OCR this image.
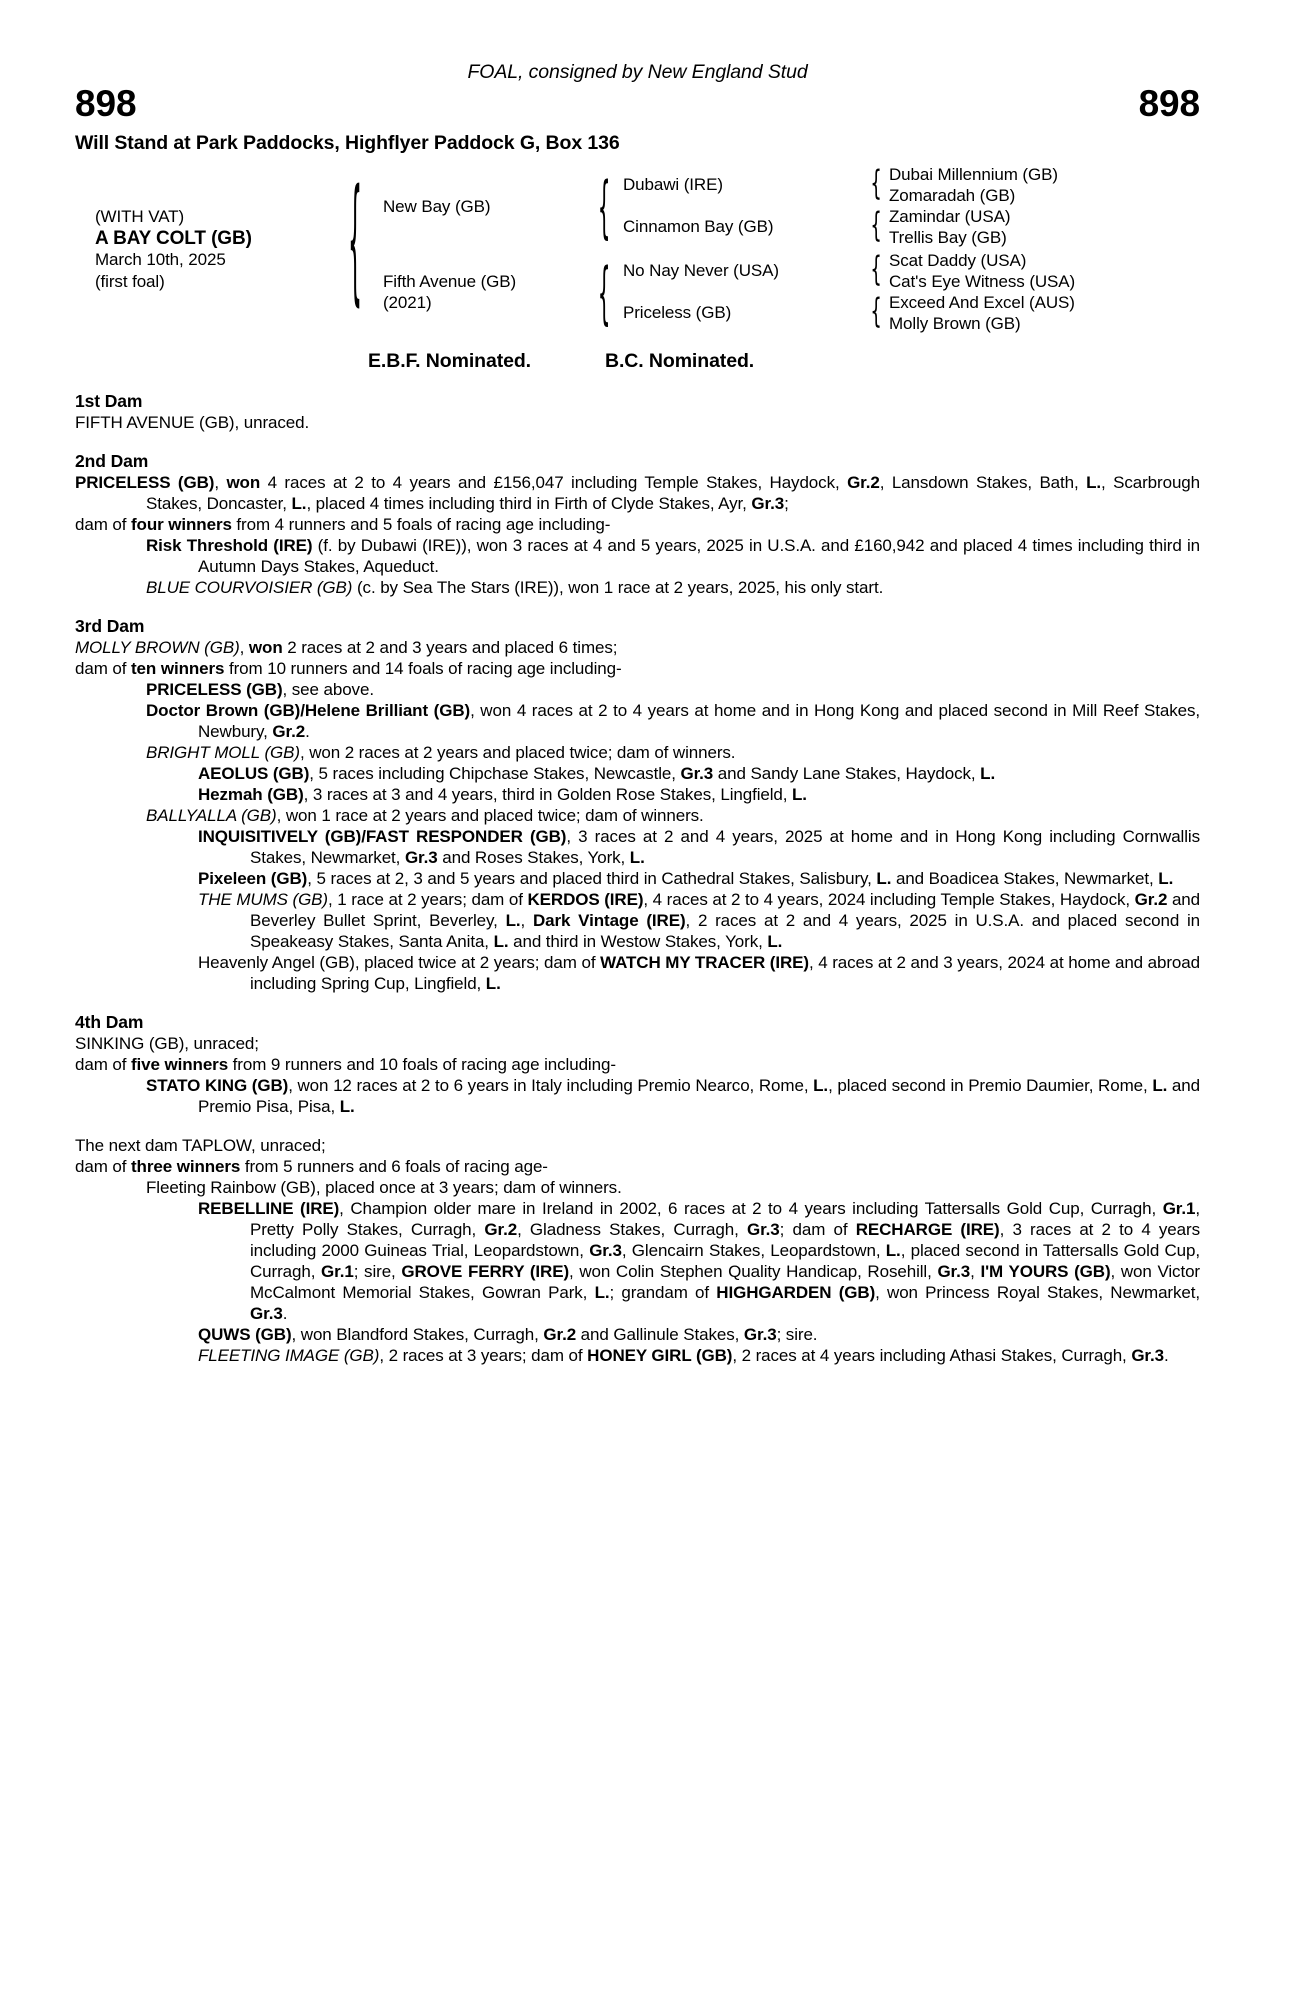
FOAL, consigned by New England Stud
898	898
Will Stand at Park Paddocks, Highflyer Paddock G, Box 136
(WITH VAT)
A BAY COLT (GB)
March 10th, 2025
(first foal)
{
New Bay (GB)
{
Dubawi (IRE)
{
Dubai Millennium (GB)
Zomaradah (GB)
Cinnamon Bay (GB)
{
Zamindar (USA)
Trellis Bay (GB)
Fifth Avenue (GB)
(2021)
{
No Nay Never (USA)
{
Scat Daddy (USA)
Cat's Eye Witness (USA)
Priceless (GB)
{
Exceed And Excel (AUS)
Molly Brown (GB)
E.B.F. Nominated.	B.C. Nominated.
1st Dam

FIFTH AVENUE (GB), unraced.

2nd Dam

PRICELESS (GB), won 4 races at 2 to 4 years and £156,047 including Temple Stakes, Haydock, Gr.2, Lansdown Stakes, Bath, L., Scarbrough Stakes, Doncaster, L., placed 4 times including third in Firth of Clyde Stakes, Ayr, Gr.3;

dam of four winners from 4 runners and 5 foals of racing age including-

Risk Threshold (IRE) (f. by Dubawi (IRE)), won 3 races at 4 and 5 years, 2025 in U.S.A. and £160,942 and placed 4 times including third in Autumn Days Stakes, Aqueduct.

BLUE COURVOISIER (GB) (c. by Sea The Stars (IRE)), won 1 race at 2 years, 2025, his only start.

3rd Dam

MOLLY BROWN (GB), won 2 races at 2 and 3 years and placed 6 times;

dam of ten winners from 10 runners and 14 foals of racing age including-

PRICELESS (GB), see above.

Doctor Brown (GB)/Helene Brilliant (GB), won 4 races at 2 to 4 years at home and in Hong Kong and placed second in Mill Reef Stakes, Newbury, Gr.2.

BRIGHT MOLL (GB), won 2 races at 2 years and placed twice; dam of winners.

AEOLUS (GB), 5 races including Chipchase Stakes, Newcastle, Gr.3 and Sandy Lane Stakes, Haydock, L.

Hezmah (GB), 3 races at 3 and 4 years, third in Golden Rose Stakes, Lingfield, L.

BALLYALLA (GB), won 1 race at 2 years and placed twice; dam of winners.

INQUISITIVELY (GB)/FAST RESPONDER (GB), 3 races at 2 and 4 years, 2025 at home and in Hong Kong including Cornwallis Stakes, Newmarket, Gr.3 and Roses Stakes, York, L.

Pixeleen (GB), 5 races at 2, 3 and 5 years and placed third in Cathedral Stakes, Salisbury, L. and Boadicea Stakes, Newmarket, L.

THE MUMS (GB), 1 race at 2 years; dam of KERDOS (IRE), 4 races at 2 to 4 years, 2024 including Temple Stakes, Haydock, Gr.2 and Beverley Bullet Sprint, Beverley, L., Dark Vintage (IRE), 2 races at 2 and 4 years, 2025 in U.S.A. and placed second in Speakeasy Stakes, Santa Anita, L. and third in Westow Stakes, York, L.

Heavenly Angel (GB), placed twice at 2 years; dam of WATCH MY TRACER (IRE), 4 races at 2 and 3 years, 2024 at home and abroad including Spring Cup, Lingfield, L.

4th Dam

SINKING (GB), unraced;

dam of five winners from 9 runners and 10 foals of racing age including-

STATO KING (GB), won 12 races at 2 to 6 years in Italy including Premio Nearco, Rome, L., placed second in Premio Daumier, Rome, L. and Premio Pisa, Pisa, L.

The next dam TAPLOW, unraced;

dam of three winners from 5 runners and 6 foals of racing age-

Fleeting Rainbow (GB), placed once at 3 years; dam of winners.

REBELLINE (IRE), Champion older mare in Ireland in 2002, 6 races at 2 to 4 years including Tattersalls Gold Cup, Curragh, Gr.1, Pretty Polly Stakes, Curragh, Gr.2, Gladness Stakes, Curragh, Gr.3; dam of RECHARGE (IRE), 3 races at 2 to 4 years including 2000 Guineas Trial, Leopardstown, Gr.3, Glencairn Stakes, Leopardstown, L., placed second in Tattersalls Gold Cup, Curragh, Gr.1; sire, GROVE FERRY (IRE), won Colin Stephen Quality Handicap, Rosehill, Gr.3, I'M YOURS (GB), won Victor McCalmont Memorial Stakes, Gowran Park, L.; grandam of HIGHGARDEN (GB), won Princess Royal Stakes, Newmarket, Gr.3.

QUWS (GB), won Blandford Stakes, Curragh, Gr.2 and Gallinule Stakes, Gr.3; sire.

FLEETING IMAGE (GB), 2 races at 3 years; dam of HONEY GIRL (GB), 2 races at 4 years including Athasi Stakes, Curragh, Gr.3.
